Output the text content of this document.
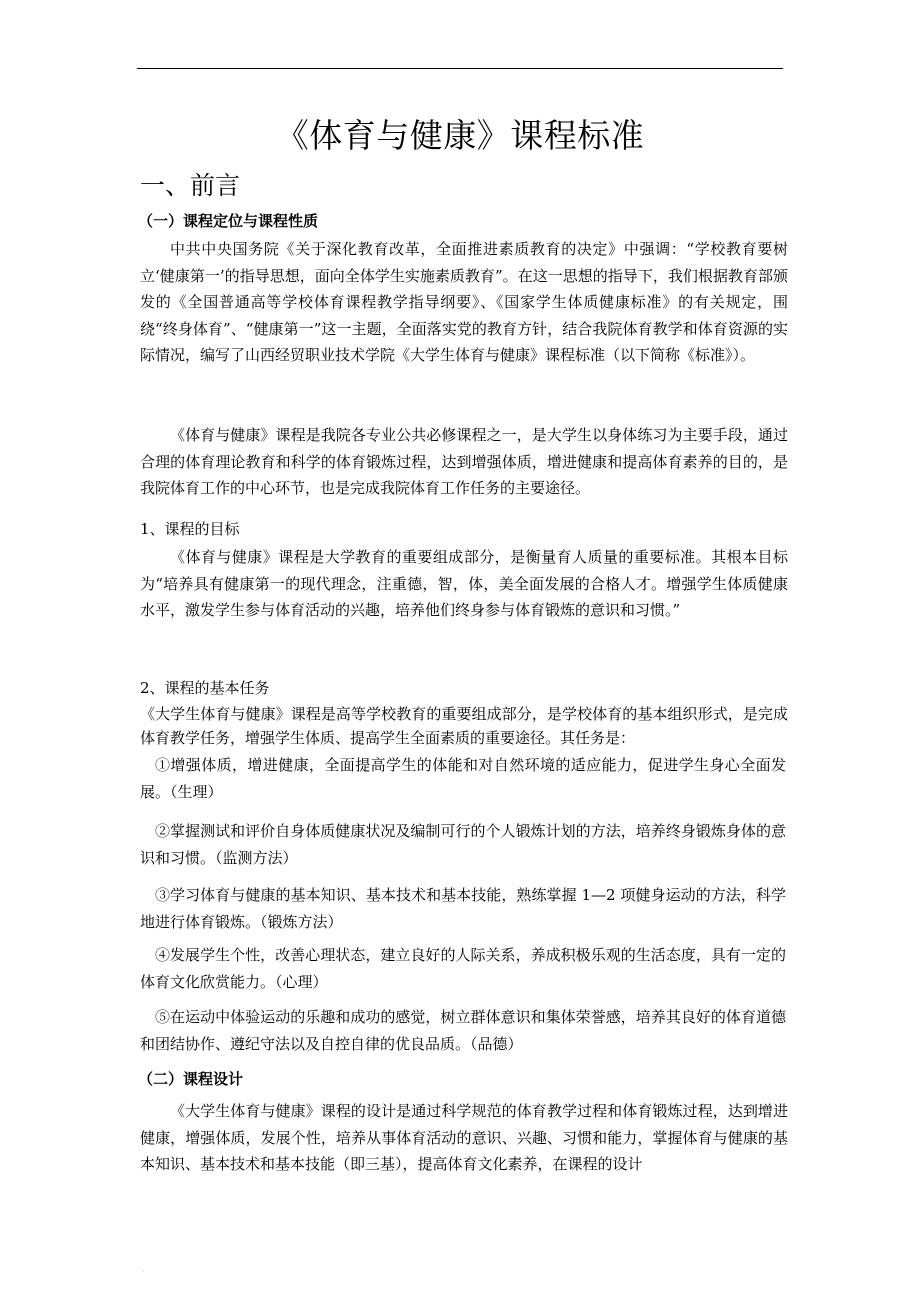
《体育与健康》课程标准
一、前言
（一）课程定位与课程性质

中共中央国务院《关于深化教育改革，全面推进素质教育的决定》中强调：“学校教育要树立‘健康第一’的指导思想，面向全体学生实施素质教育”。在这一思想的指导下，我们根据教育部颁发的《全国普通高等学校体育课程教学指导纲要》、《国家学生体质健康标准》的有关规定，围绕“终身体育”、“健康第一”这一主题，全面落实党的教育方针，结合我院体育教学和体育资源的实际情况，编写了山西经贸职业技术学院《大学生体育与健康》课程标准（以下简称《标准》）。

《体育与健康》课程是我院各专业公共必修课程之一，是大学生以身体练习为主要手段，通过合理的体育理论教育和科学的体育锻炼过程，达到增强体质，增进健康和提高体育素养的目的，是我院体育工作的中心环节，也是完成我院体育工作任务的主要途径。

1、课程的目标

《体育与健康》课程是大学教育的重要组成部分，是衡量育人质量的重要标准。其根本目标为“培养具有健康第一的现代理念，注重德，智，体，美全面发展的合格人才。增强学生体质健康水平，激发学生参与体育活动的兴趣，培养他们终身参与体育锻炼的意识和习惯。”

2、课程的基本任务

《大学生体育与健康》课程是高等学校教育的重要组成部分，是学校体育的基本组织形式，是完成体育教学任务，增强学生体质、提高学生全面素质的重要途径。其任务是：

①增强体质，增进健康，全面提高学生的体能和对自然环境的适应能力，促进学生身心全面发展。（生理）

②掌握测试和评价自身体质健康状况及编制可行的个人锻炼计划的方法，培养终身锻炼身体的意识和习惯。（监测方法）

③学习体育与健康的基本知识、基本技术和基本技能，熟练掌握 1—2 项健身运动的方法，科学地进行体育锻炼。（锻炼方法）

④发展学生个性，改善心理状态，建立良好的人际关系，养成积极乐观的生活态度，具有一定的体育文化欣赏能力。（心理）

⑤在运动中体验运动的乐趣和成功的感觉，树立群体意识和集体荣誉感，培养其良好的体育道德和团结协作、遵纪守法以及自控自律的优良品质。（品德）

（二）课程设计

《大学生体育与健康》课程的设计是通过科学规范的体育教学过程和体育锻炼过程，达到增进健康，增强体质，发展个性，培养从事体育活动的意识、兴趣、习惯和能力，掌握体育与健康的基本知识、基本技术和基本技能（即三基），提高体育文化素养，在课程的设计

·
